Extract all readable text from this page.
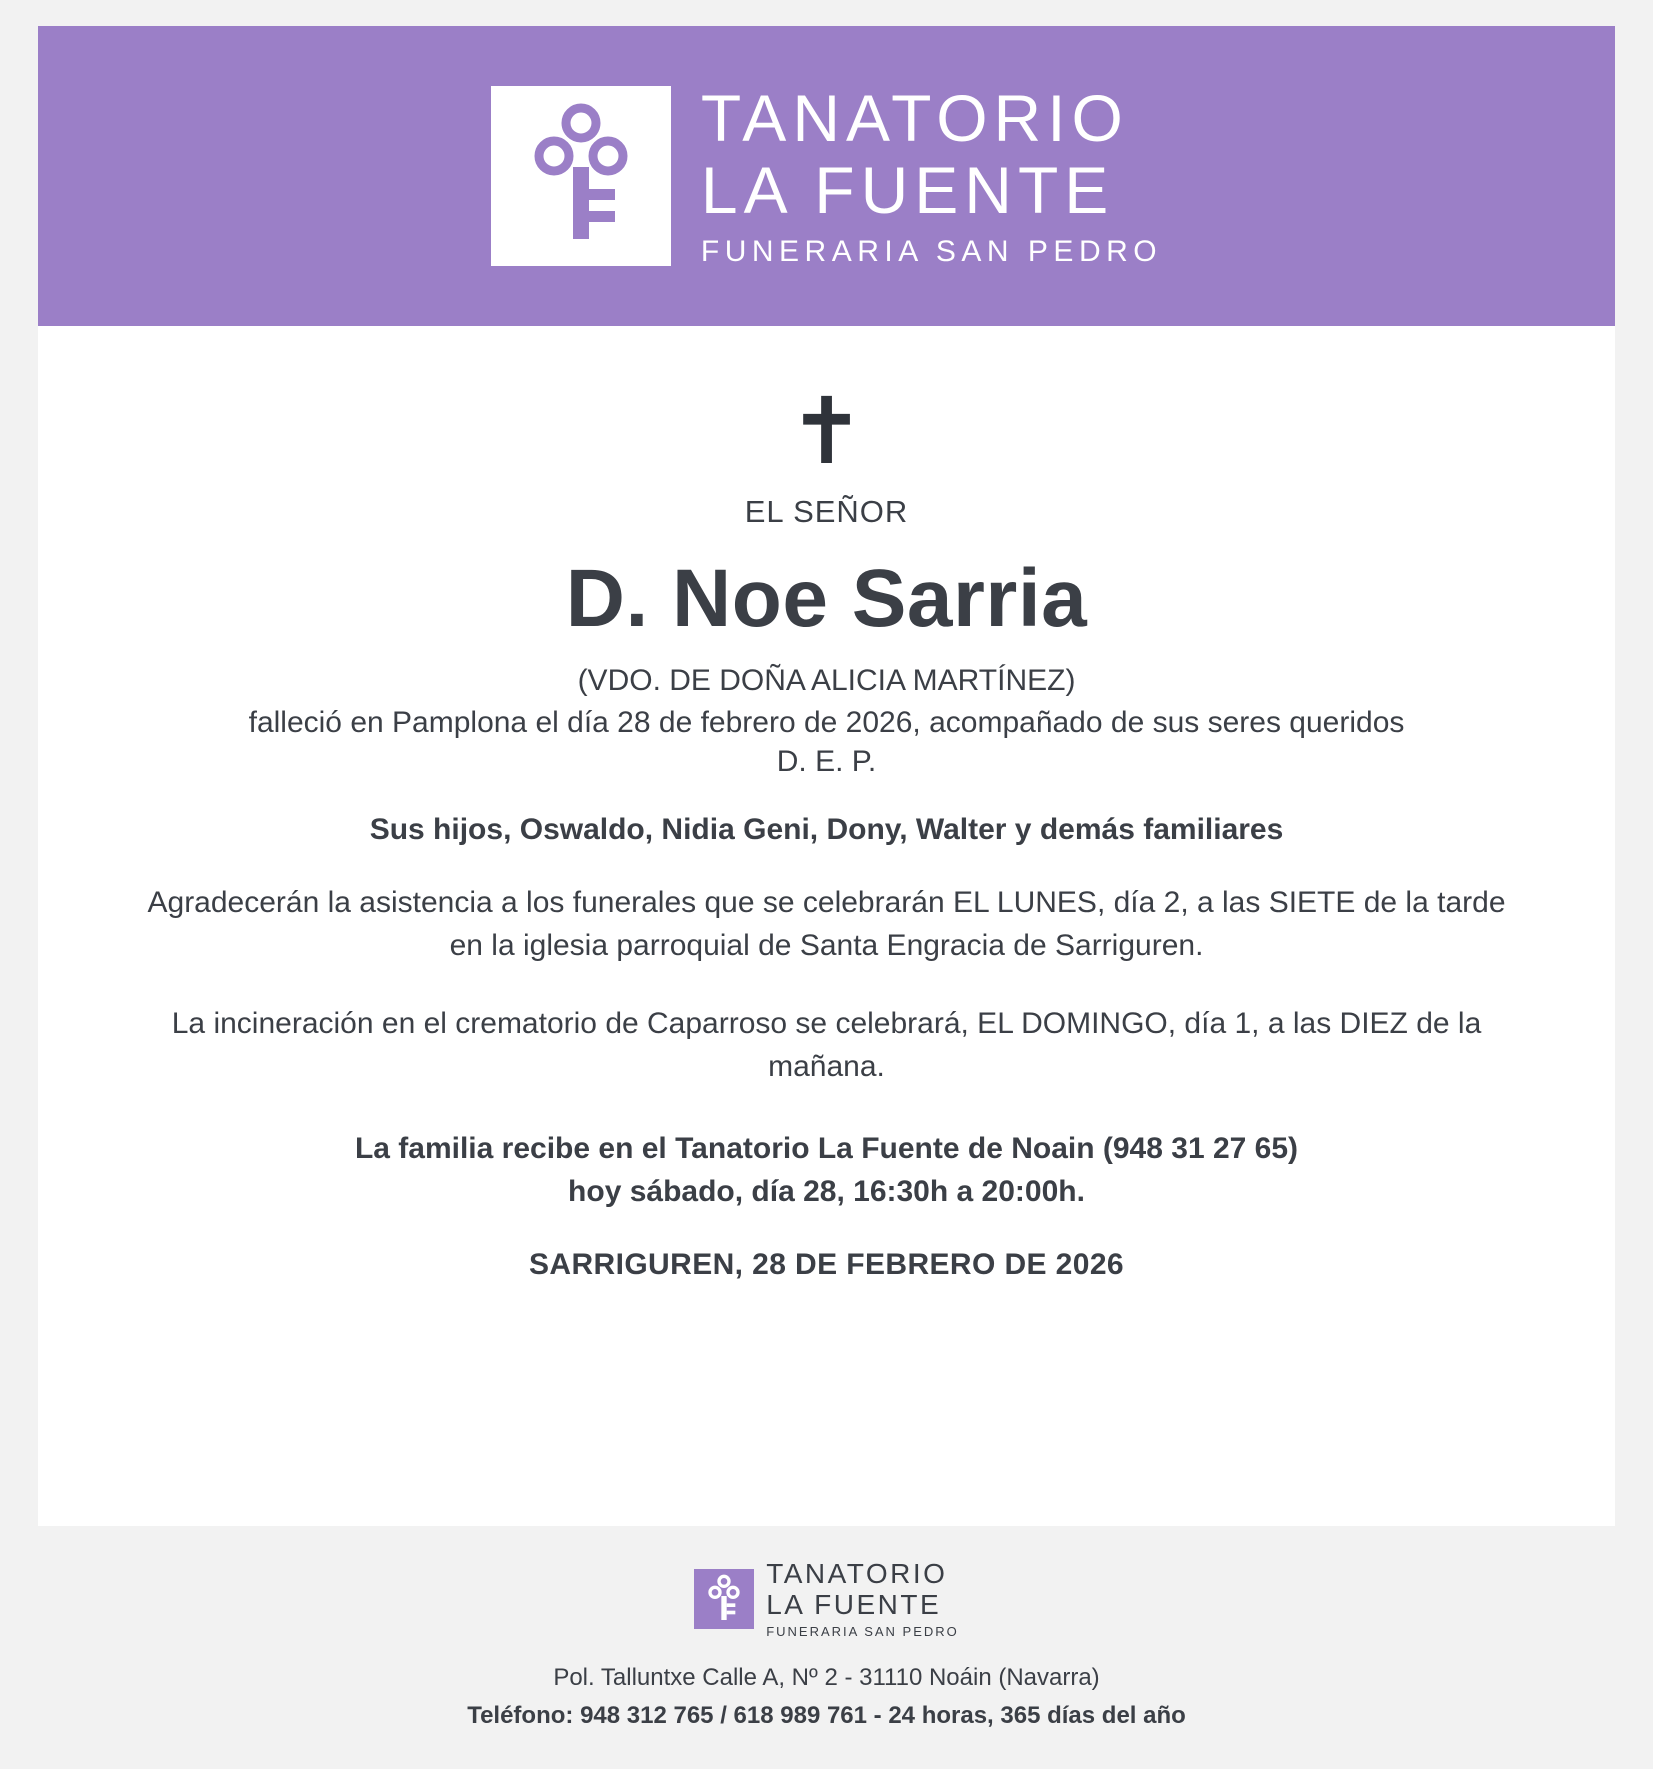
TANATORIO
LA FUENTE
FUNERARIA SAN PEDRO
✝
EL SEÑOR
D. Noe Sarria
(VDO. DE DOÑA ALICIA MARTÍNEZ)
falleció en Pamplona el día 28 de febrero de 2026, acompañado de sus seres queridos
D. E. P.
Sus hijos, Oswaldo, Nidia Geni, Dony, Walter y demás familiares
Agradecerán la asistencia a los funerales que se celebrarán EL LUNES, día 2, a las SIETE de la tarde en la iglesia parroquial de Santa Engracia de Sarriguren.
La incineración en el crematorio de Caparroso se celebrará, EL DOMINGO, día 1, a las DIEZ de la mañana.
La familia recibe en el Tanatorio La Fuente de Noain (948 31 27 65)
hoy sábado, día 28, 16:30h a 20:00h.
SARRIGUREN, 28 DE FEBRERO DE 2026
TANATORIO
LA FUENTE
FUNERARIA SAN PEDRO
Pol. Talluntxe Calle A, Nº 2 - 31110 Noáin (Navarra)
Teléfono: 948 312 765 / 618 989 761 - 24 horas, 365 días del año
